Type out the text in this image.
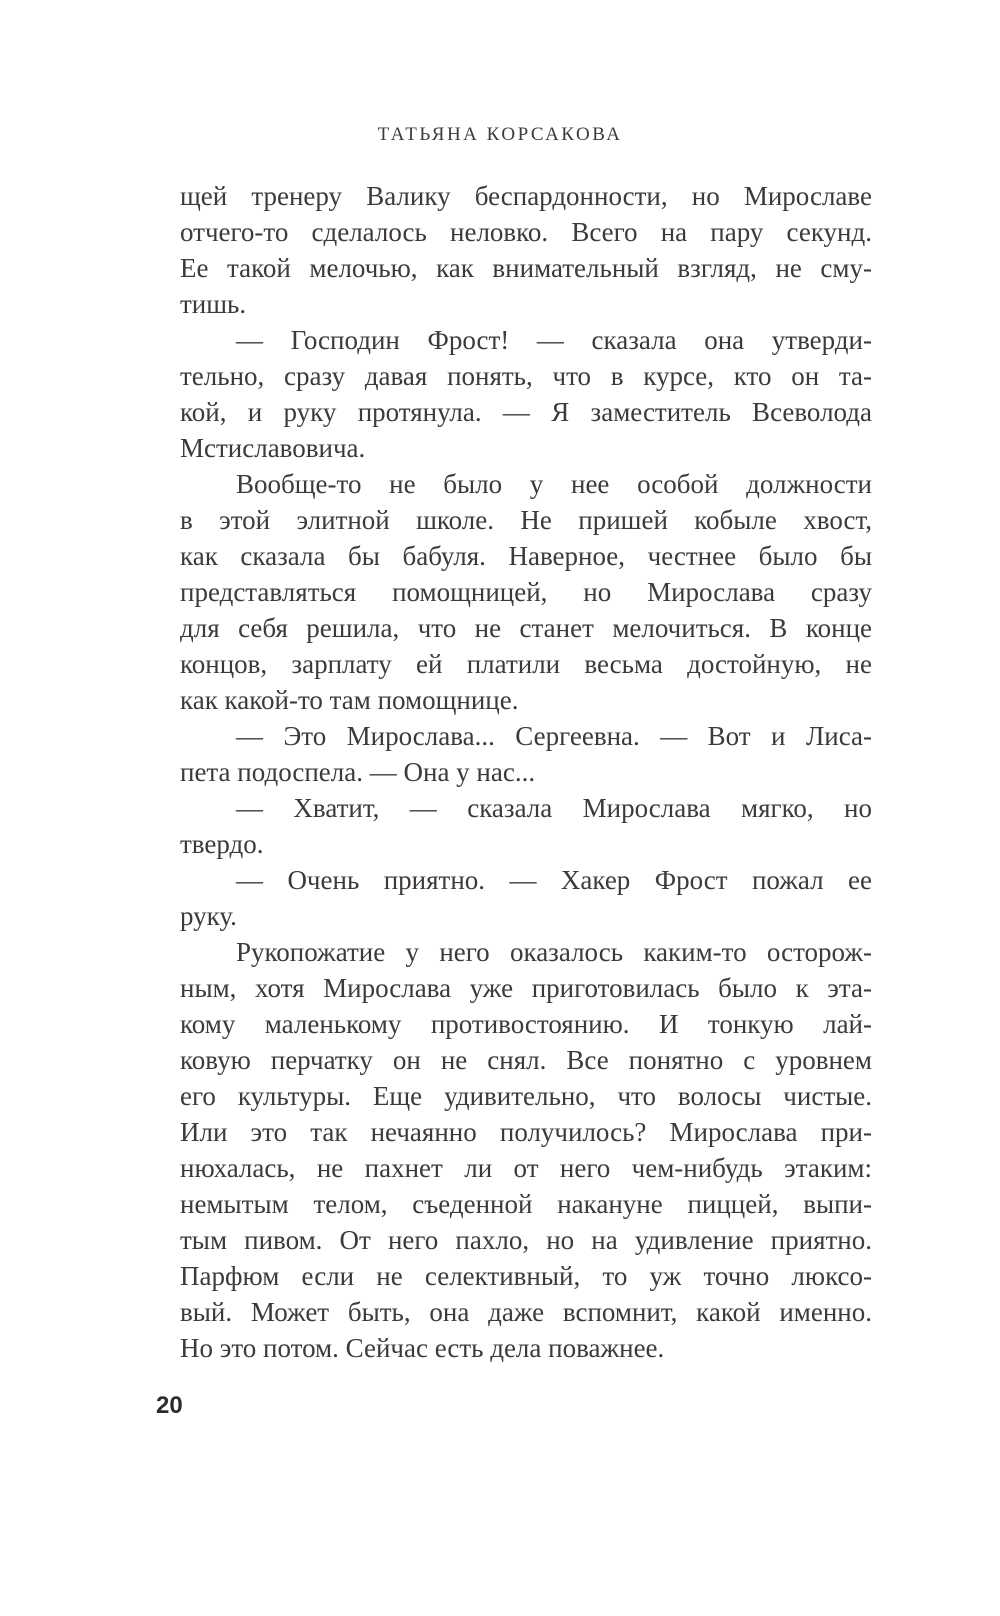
ТАТЬЯНА КОРСАКОВА
щей тренеру Валику беспардонности, но Мирославе
отчего-то сделалось неловко. Всего на пару секунд.
Ее такой мелочью, как внимательный взгляд, не сму-
тишь.
— Господин Фрост! — сказала она утверди-
тельно, сразу давая понять, что в курсе, кто он та-
кой, и руку протянула. — Я заместитель Всеволода
Мстиславовича.
Вообще-то не было у нее особой должности
в этой элитной школе. Не пришей кобыле хвост,
как сказала бы бабуля. Наверное, честнее было бы
представляться помощницей, но Мирослава сразу
для себя решила, что не станет мелочиться. В конце
концов, зарплату ей платили весьма достойную, не
как какой-то там помощнице.
— Это Мирослава... Сергеевна. — Вот и Лиса-
пета подоспела. — Она у нас...
— Хватит, — сказала Мирослава мягко, но
твердо.
— Очень приятно. — Хакер Фрост пожал ее
руку.
Рукопожатие у него оказалось каким-то осторож-
ным, хотя Мирослава уже приготовилась было к эта-
кому маленькому противостоянию. И тонкую лай-
ковую перчатку он не снял. Все понятно с уровнем
его культуры. Еще удивительно, что волосы чистые.
Или это так нечаянно получилось? Мирослава при-
нюхалась, не пахнет ли от него чем-нибудь этаким:
немытым телом, съеденной накануне пиццей, выпи-
тым пивом. От него пахло, но на удивление приятно.
Парфюм если не селективный, то уж точно люксо-
вый. Может быть, она даже вспомнит, какой именно.
Но это потом. Сейчас есть дела поважнее.
20
